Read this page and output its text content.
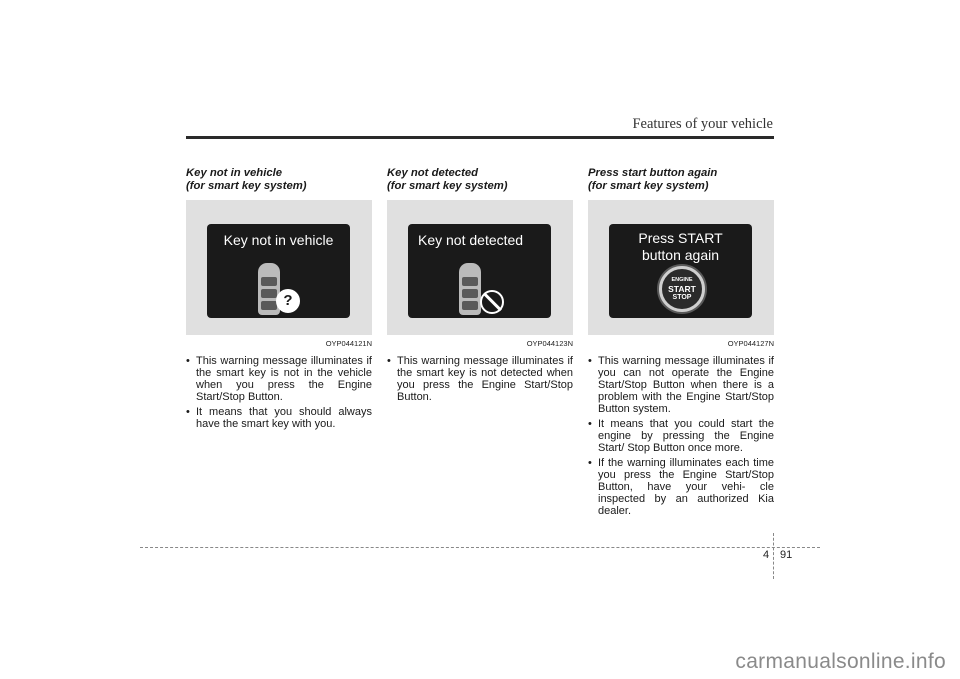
Features of your vehicle

Key not in vehicle
(for smart key system)

Key not in vehicle
?
OYP044121N
• This warning message illuminates if the smart key is not in the vehicle when you press the Engine Start/Stop Button.
• It means that you should always have the smart key with you.

Key not detected
(for smart key system)

Key not detected
OYP044123N
• This warning message illuminates if the smart key is not detected when you press the Engine Start/Stop Button.

Press start button again
(for smart key system)

Press START
button again
ENGINE
START
STOP
OYP044127N
• This warning message illuminates if you can not operate the Engine Start/Stop Button when there is a problem with the Engine Start/Stop Button system.
• It means that you could start the engine by pressing the Engine Start/ Stop Button once more.
• If the warning illuminates each time you press the Engine Start/Stop Button, have your vehi- cle inspected by an authorized Kia dealer.
4 91
carmanualsonline.info
